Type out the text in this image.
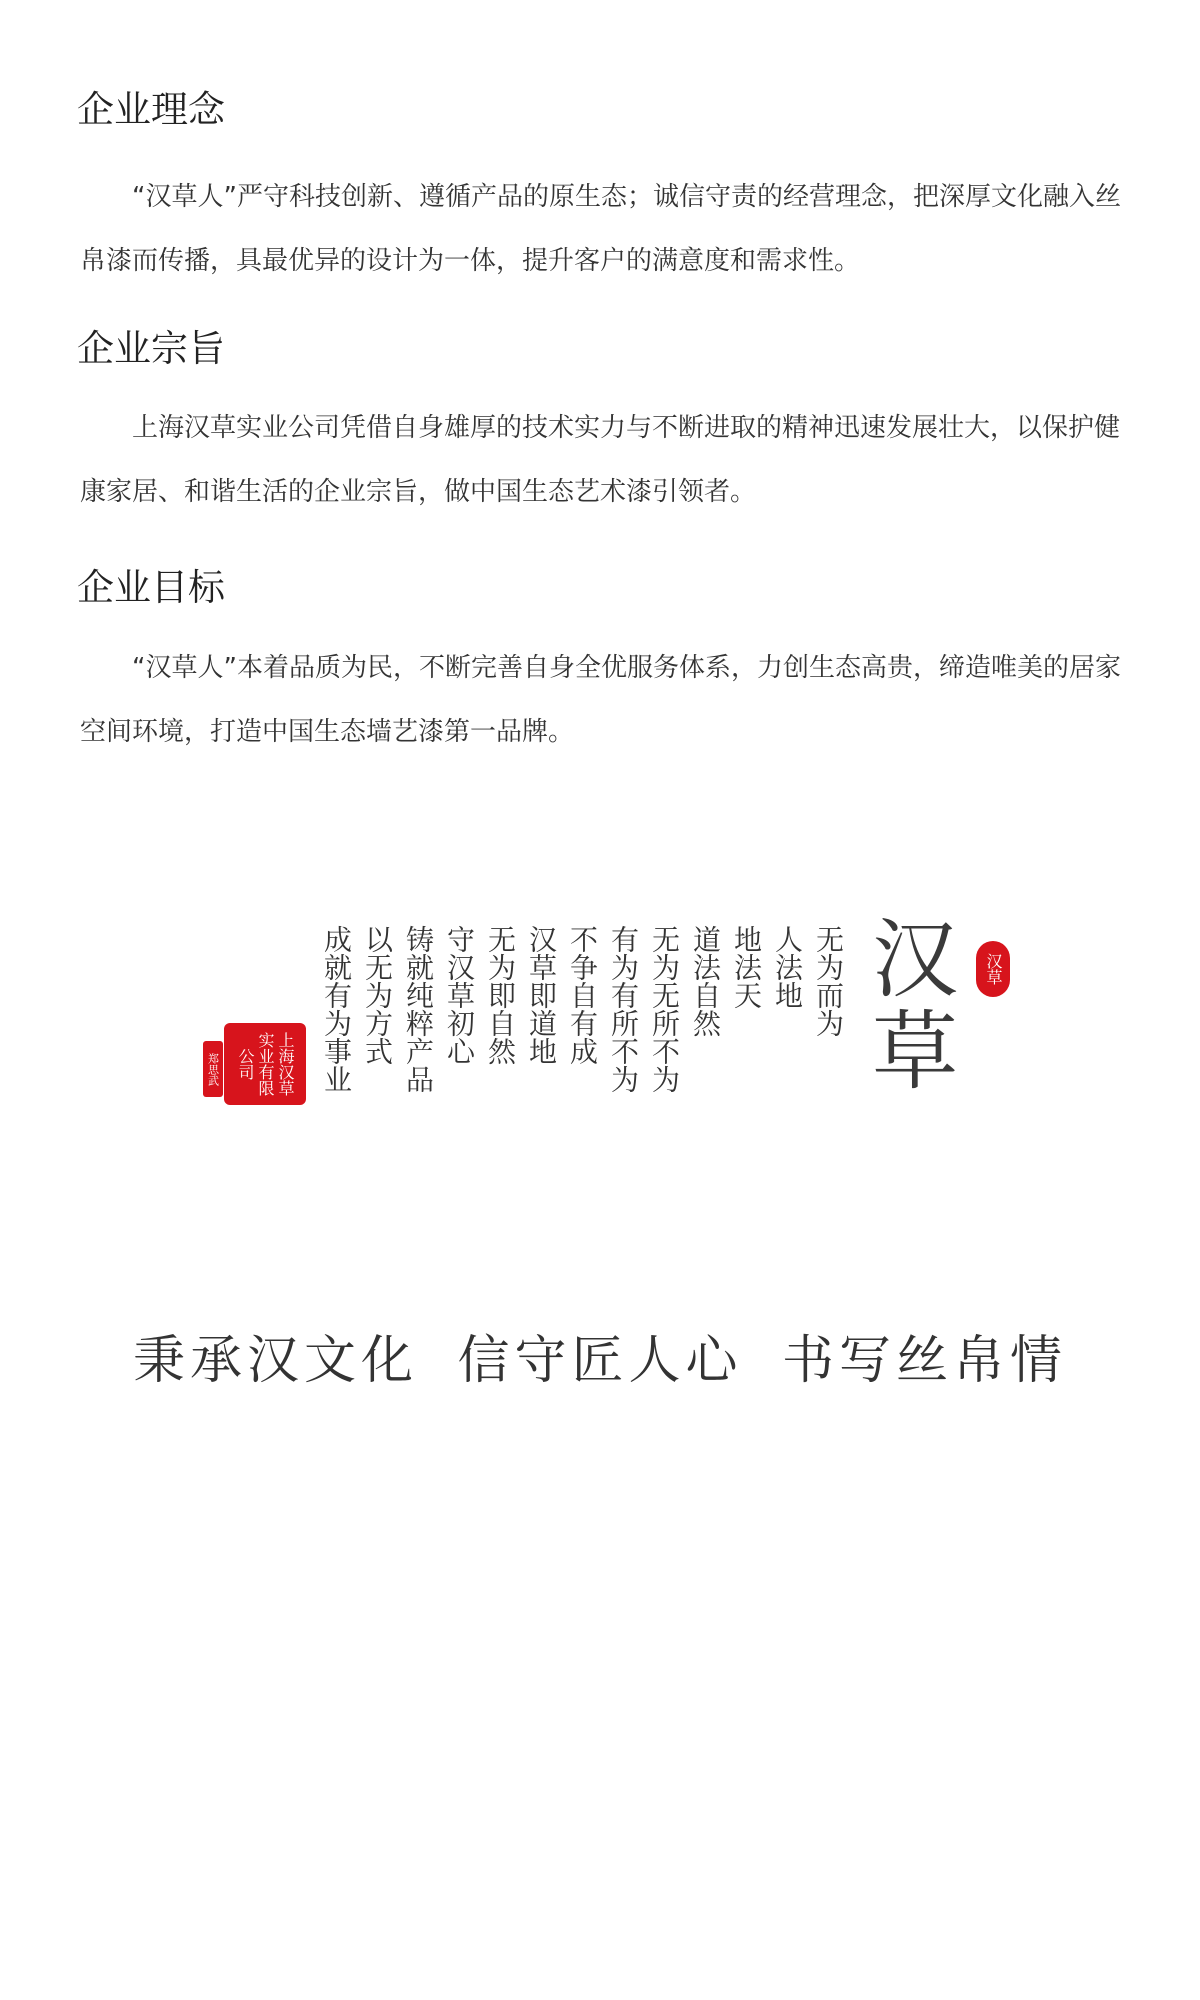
企业理念

“汉草人”严守科技创新、遵循产品的原生态；诚信守责的经营理念，把深厚文化融入丝帛漆而传播，具最优异的设计为一体，提升客户的满意度和需求性。

企业宗旨

上海汉草实业公司凭借自身雄厚的技术实力与不断进取的精神迅速发展壮大，以保护健康家居、和谐生活的企业宗旨，做中国生态艺术漆引领者。

企业目标

“汉草人”本着品质为民，不断完善自身全优服务体系，力创生态高贵，缔造唯美的居家空间环境，打造中国生态墙艺漆第一品牌。

汉
草
汉草
无为而为
人法地
地法天
道法自然
无为无所不为
有为有所不为
不争自有成
汉草即道地
无为即自然
守汉草初心
铸就纯粹产品
以无为方式
成就有为事业
上海汉草
实业有限
公司
郑思武
秉承汉文化 信守匠人心 书写丝帛情
